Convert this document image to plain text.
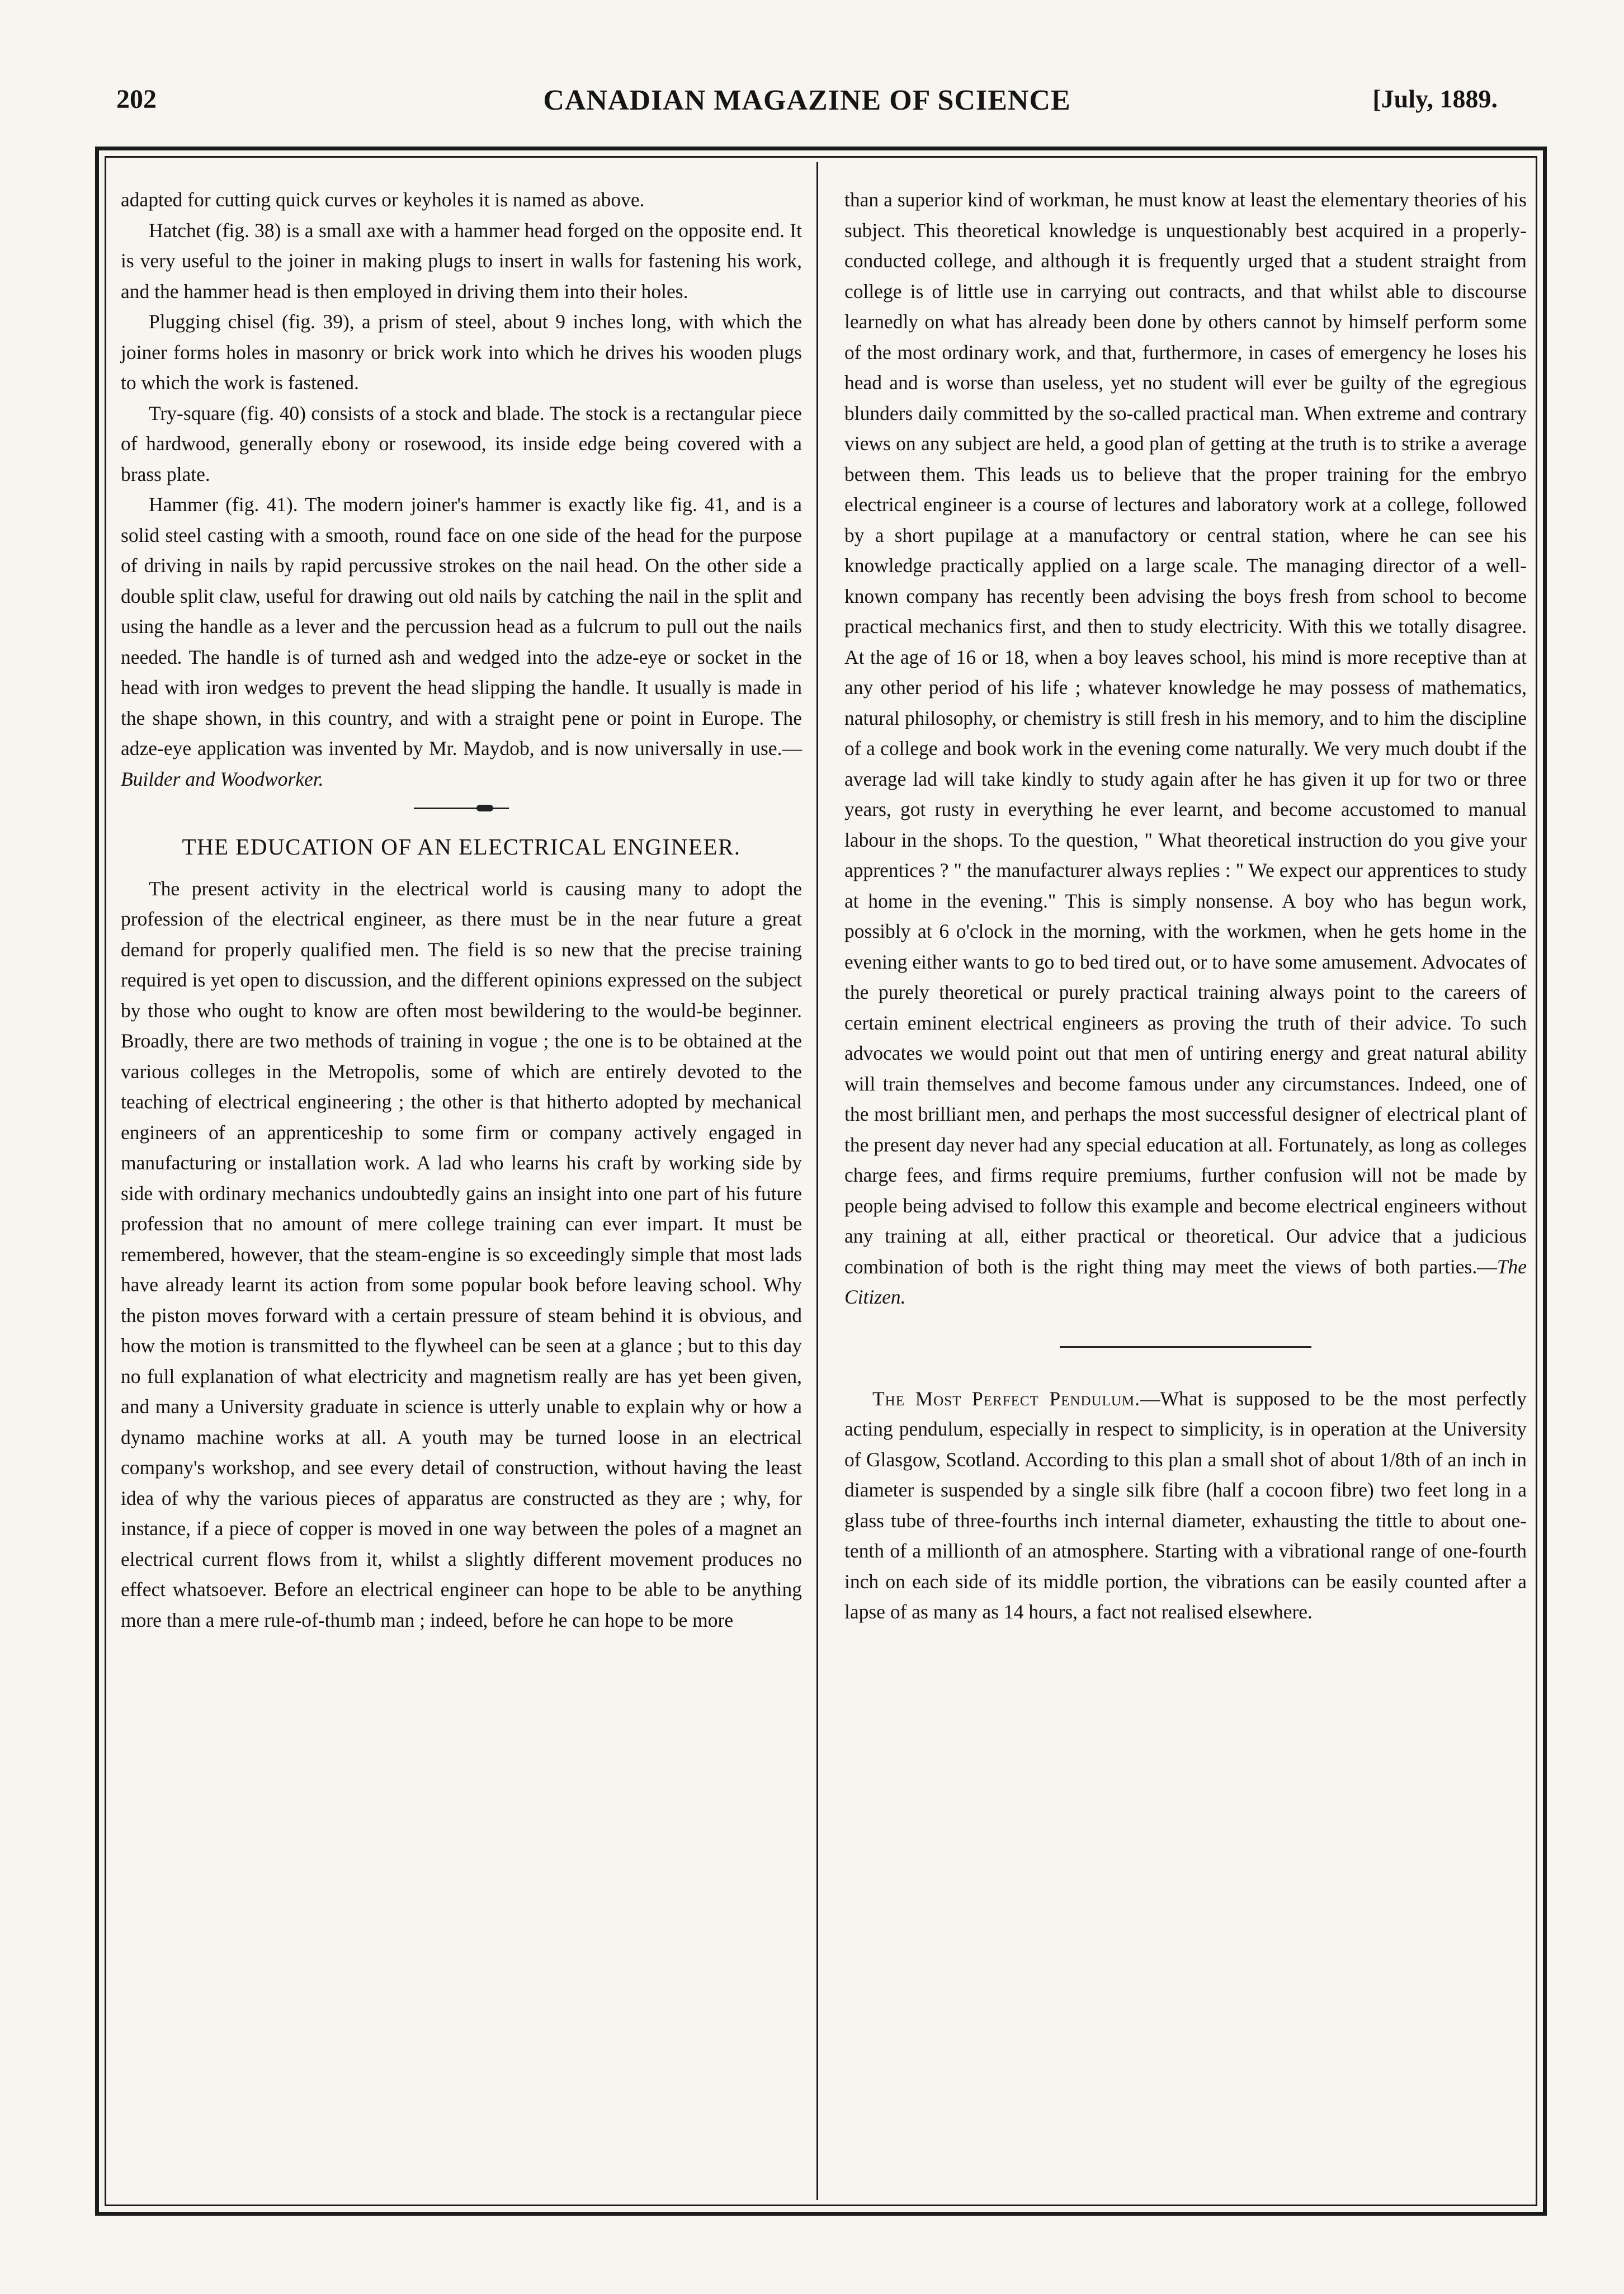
202	CANADIAN MAGAZINE OF SCIENCE	[July, 1889.

adapted for cutting quick curves or keyholes it is named as above.

Hatchet (fig. 38) is a small axe with a hammer head forged on the opposite end. It is very useful to the joiner in making plugs to insert in walls for fastening his work, and the hammer head is then employed in driving them into their holes.

Plugging chisel (fig. 39), a prism of steel, about 9 inches long, with which the joiner forms holes in masonry or brick work into which he drives his wooden plugs to which the work is fastened.

Try-square (fig. 40) consists of a stock and blade. The stock is a rectangular piece of hardwood, generally ebony or rosewood, its inside edge being covered with a brass plate.

Hammer (fig. 41). The modern joiner's hammer is exactly like fig. 41, and is a solid steel casting with a smooth, round face on one side of the head for the purpose of driving in nails by rapid percussive strokes on the nail head. On the other side a double split claw, useful for drawing out old nails by catching the nail in the split and using the handle as a lever and the percussion head as a fulcrum to pull out the nails needed. The handle is of turned ash and wedged into the adze-eye or socket in the head with iron wedges to prevent the head slipping the handle. It usually is made in the shape shown, in this country, and with a straight pene or point in Europe. The adze-eye application was invented by Mr. Maydob, and is now universally in use.—Builder and Woodworker.

THE EDUCATION OF AN ELECTRICAL ENGINEER.

The present activity in the electrical world is causing many to adopt the profession of the electrical engineer, as there must be in the near future a great demand for properly qualified men. The field is so new that the precise training required is yet open to discussion, and the different opinions expressed on the subject by those who ought to know are often most bewildering to the would-be beginner. Broadly, there are two methods of training in vogue ; the one is to be obtained at the various colleges in the Metropolis, some of which are entirely devoted to the teaching of electrical engineering ; the other is that hitherto adopted by mechanical engineers of an apprenticeship to some firm or company actively engaged in manufacturing or installation work. A lad who learns his craft by working side by side with ordinary mechanics undoubtedly gains an insight into one part of his future profession that no amount of mere college training can ever impart. It must be remembered, however, that the steam-engine is so exceedingly simple that most lads have already learnt its action from some popular book before leaving school. Why the piston moves forward with a certain pressure of steam behind it is obvious, and how the motion is transmitted to the flywheel can be seen at a glance ; but to this day no full explanation of what electricity and magnetism really are has yet been given, and many a University graduate in science is utterly unable to explain why or how a dynamo machine works at all. A youth may be turned loose in an electrical company's workshop, and see every detail of construction, without having the least idea of why the various pieces of apparatus are constructed as they are ; why, for instance, if a piece of copper is moved in one way between the poles of a magnet an electrical current flows from it, whilst a slightly different movement produces no effect whatsoever. Before an electrical engineer can hope to be able to be anything more than a mere rule-of-thumb man ; indeed, before he can hope to be more

than a superior kind of workman, he must know at least the elementary theories of his subject. This theoretical knowledge is unquestionably best acquired in a properly-conducted college, and although it is frequently urged that a student straight from college is of little use in carrying out contracts, and that whilst able to discourse learnedly on what has already been done by others cannot by himself perform some of the most ordinary work, and that, furthermore, in cases of emergency he loses his head and is worse than useless, yet no student will ever be guilty of the egregious blunders daily committed by the so-called practical man. When extreme and contrary views on any subject are held, a good plan of getting at the truth is to strike a average between them. This leads us to believe that the proper training for the embryo electrical engineer is a course of lectures and laboratory work at a college, followed by a short pupilage at a manufactory or central station, where he can see his knowledge practically applied on a large scale. The managing director of a well-known company has recently been advising the boys fresh from school to become practical mechanics first, and then to study electricity. With this we totally disagree. At the age of 16 or 18, when a boy leaves school, his mind is more receptive than at any other period of his life ; whatever knowledge he may possess of mathematics, natural philosophy, or chemistry is still fresh in his memory, and to him the discipline of a college and book work in the evening come naturally. We very much doubt if the average lad will take kindly to study again after he has given it up for two or three years, got rusty in everything he ever learnt, and become accustomed to manual labour in the shops. To the question, " What theoretical instruction do you give your apprentices ? " the manufacturer always replies : " We expect our apprentices to study at home in the evening." This is simply nonsense. A boy who has begun work, possibly at 6 o'clock in the morning, with the workmen, when he gets home in the evening either wants to go to bed tired out, or to have some amusement. Advocates of the purely theoretical or purely practical training always point to the careers of certain eminent electrical engineers as proving the truth of their advice. To such advocates we would point out that men of untiring energy and great natural ability will train themselves and become famous under any circumstances. Indeed, one of the most brilliant men, and perhaps the most successful designer of electrical plant of the present day never had any special education at all. Fortunately, as long as colleges charge fees, and firms require premiums, further confusion will not be made by people being advised to follow this example and become electrical engineers without any training at all, either practical or theoretical. Our advice that a judicious combination of both is the right thing may meet the views of both parties.—The Citizen.

The Most Perfect Pendulum.—What is supposed to be the most perfectly acting pendulum, especially in respect to simplicity, is in operation at the University of Glasgow, Scotland. According to this plan a small shot of about 1/8th of an inch in diameter is suspended by a single silk fibre (half a cocoon fibre) two feet long in a glass tube of three-fourths inch internal diameter, exhausting the tittle to about one-tenth of a millionth of an atmosphere. Starting with a vibrational range of one-fourth inch on each side of its middle portion, the vibrations can be easily counted after a lapse of as many as 14 hours, a fact not realised elsewhere.
